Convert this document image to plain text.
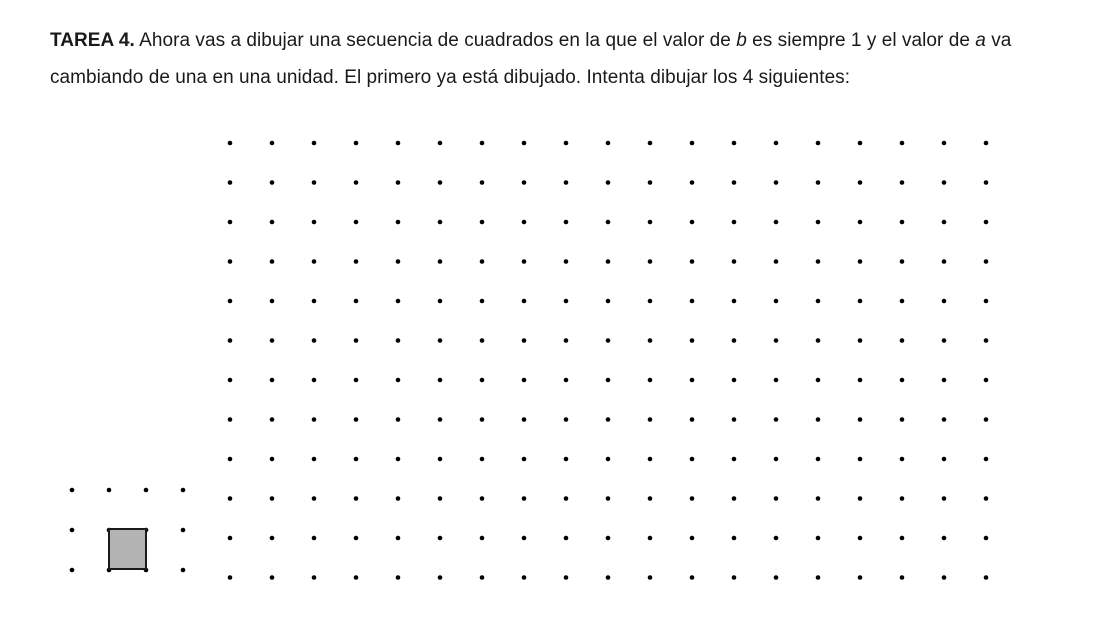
TAREA 4. Ahora vas a dibujar una secuencia de cuadrados en la que el valor de b es siempre 1 y el valor de a va cambiando de una en una unidad. El primero ya está dibujado. Intenta dibujar los 4 siguientes:
